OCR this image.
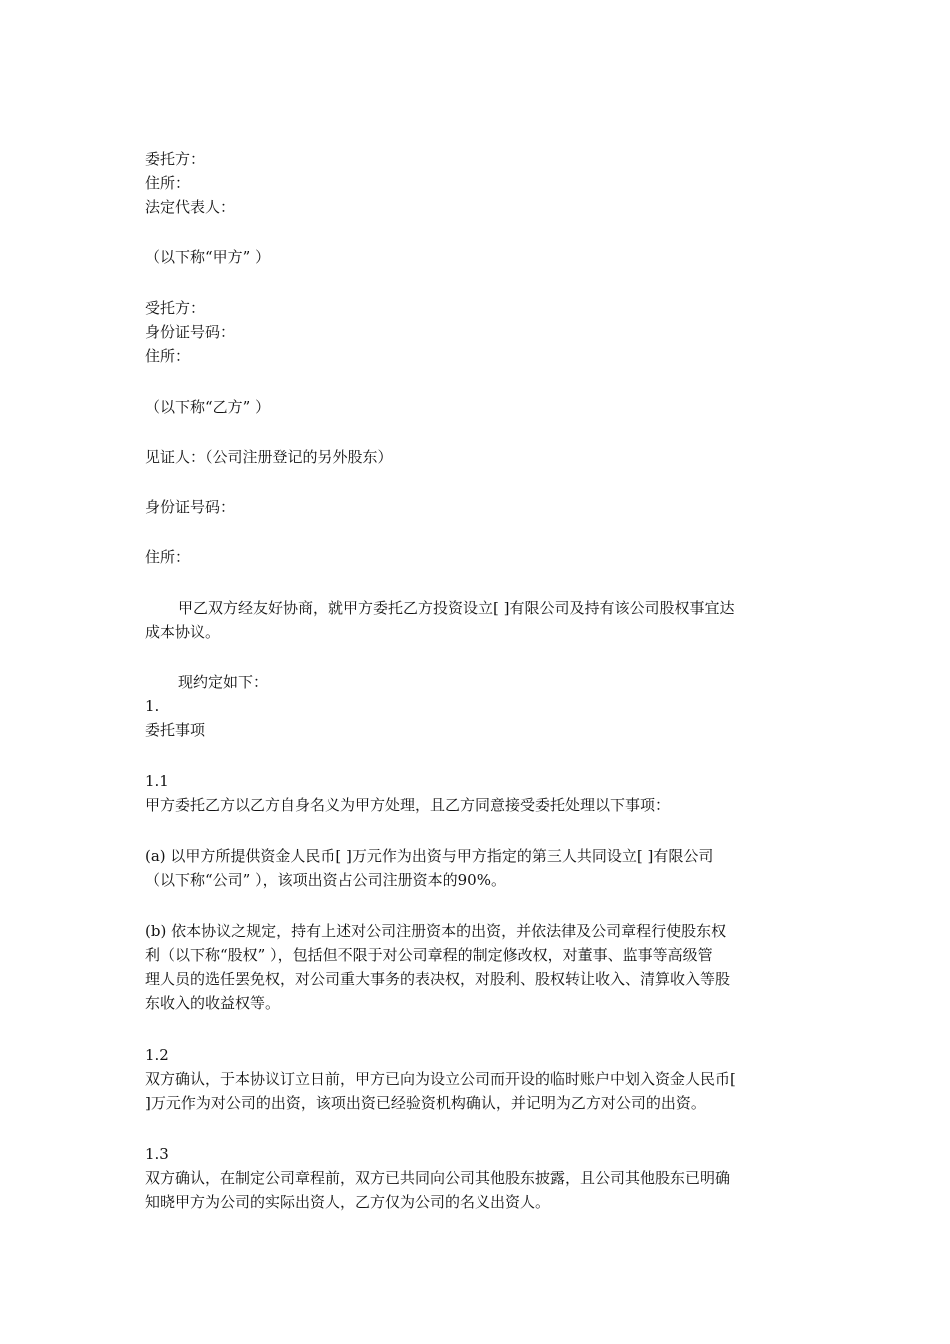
委托方：

住所：

法定代表人：

（以下称“甲方” ）

受托方：

身份证号码：

住所：

（以下称“乙方” ）

见证人：（公司注册登记的另外股东）

身份证号码：

住所：

甲乙双方经友好协商，就甲方委托乙方投资设立[ ]有限公司及持有该公司股权事宜达

成本协议。

现约定如下：

1.

委托事项

1.1

甲方委托乙方以乙方自身名义为甲方处理，且乙方同意接受委托处理以下事项：

(a) 以甲方所提供资金人民币[ ]万元作为出资与甲方指定的第三人共同设立[ ]有限公司

（以下称“公司” ），该项出资占公司注册资本的90%。

(b) 依本协议之规定，持有上述对公司注册资本的出资，并依法律及公司章程行使股东权

利（以下称“股权” ），包括但不限于对公司章程的制定修改权，对董事、监事等高级管

理人员的选任罢免权，对公司重大事务的表决权，对股利、股权转让收入、清算收入等股

东收入的收益权等。

1.2

双方确认，于本协议订立日前，甲方已向为设立公司而开设的临时账户中划入资金人民币[

]万元作为对公司的出资，该项出资已经验资机构确认，并记明为乙方对公司的出资。

1.3

双方确认，在制定公司章程前，双方已共同向公司其他股东披露，且公司其他股东已明确

知晓甲方为公司的实际出资人，乙方仅为公司的名义出资人。
